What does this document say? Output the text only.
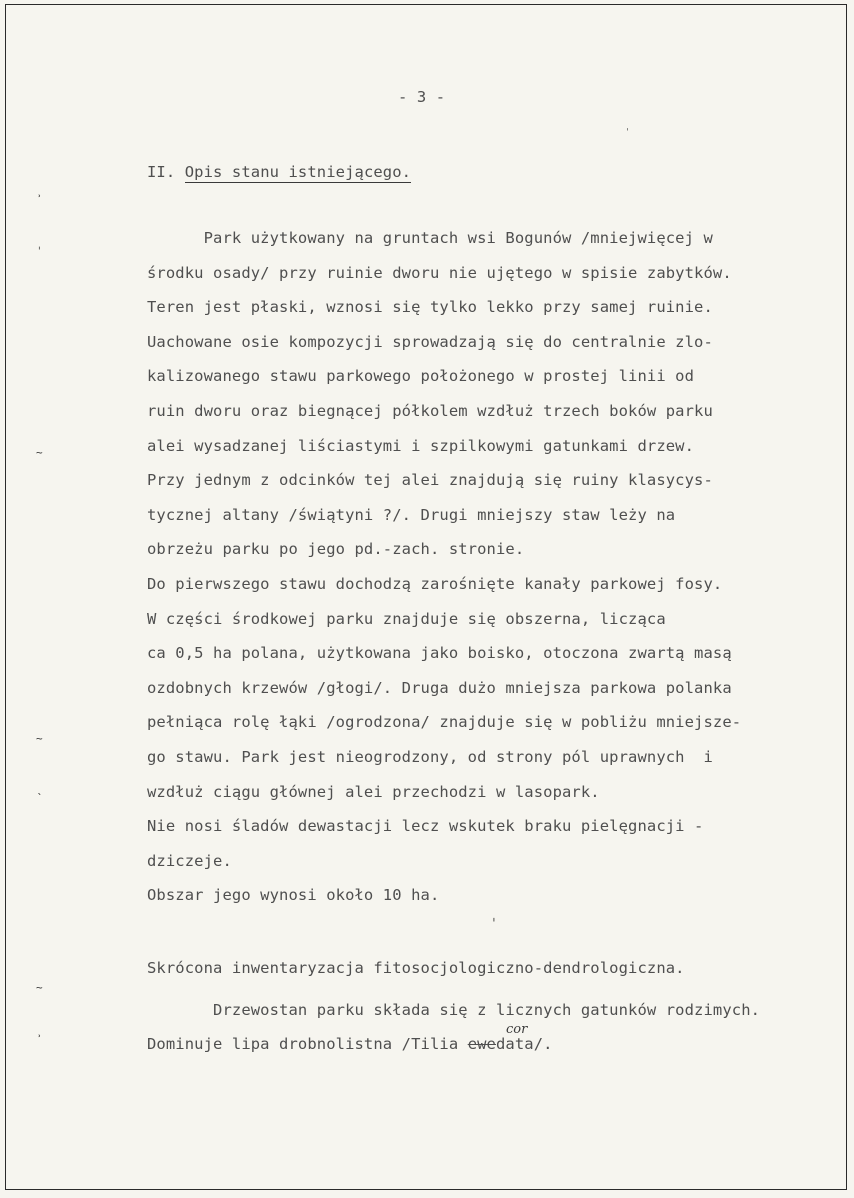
- 3 -
II. Opis stanu istniejącego.
Park użytkowany na gruntach wsi Bogunów /mniejwięcej w
środku osady/ przy ruinie dworu nie ujętego w spisie zabytków.
Teren jest płaski, wznosi się tylko lekko przy samej ruinie.
Uachowane osie kompozycji sprowadzają się do centralnie zlo-
kalizowanego stawu parkowego położonego w prostej linii od
ruin dworu oraz biegnącej półkolem wzdłuż trzech boków parku
alei wysadzanej liściastymi i szpilkowymi gatunkami drzew.
Przy jednym z odcinków tej alei znajdują się ruiny klasycys-
tycznej altany /świątyni ?/. Drugi mniejszy staw leży na
obrzeżu parku po jego pd.-zach. stronie.
Do pierwszego stawu dochodzą zarośnięte kanały parkowej fosy.
W części środkowej parku znajduje się obszerna, licząca
ca 0,5 ha polana, użytkowana jako boisko, otoczona zwartą masą
ozdobnych krzewów /głogi/. Druga dużo mniejsza parkowa polanka
pełniąca rolę łąki /ogrodzona/ znajduje się w pobliżu mniejsze-
go stawu. Park jest nieogrodzony, od strony pól uprawnych  i
wzdłuż ciągu głównej alei przechodzi w lasopark.
Nie nosi śladów dewastacji lecz wskutek braku pielęgnacji -
dziczeje.
Obszar jego wynosi około 10 ha.
Skrócona inwentaryzacja fitosocjologiczno-dendrologiczna.
Drzewostan parku składa się z licznych gatunków rodzimych.
Dominuje lipa drobnolistna /Tilia ewedata/.
cor
˒
ˌ
~
~
ˎ
~
˒
ˈ
ˈ
